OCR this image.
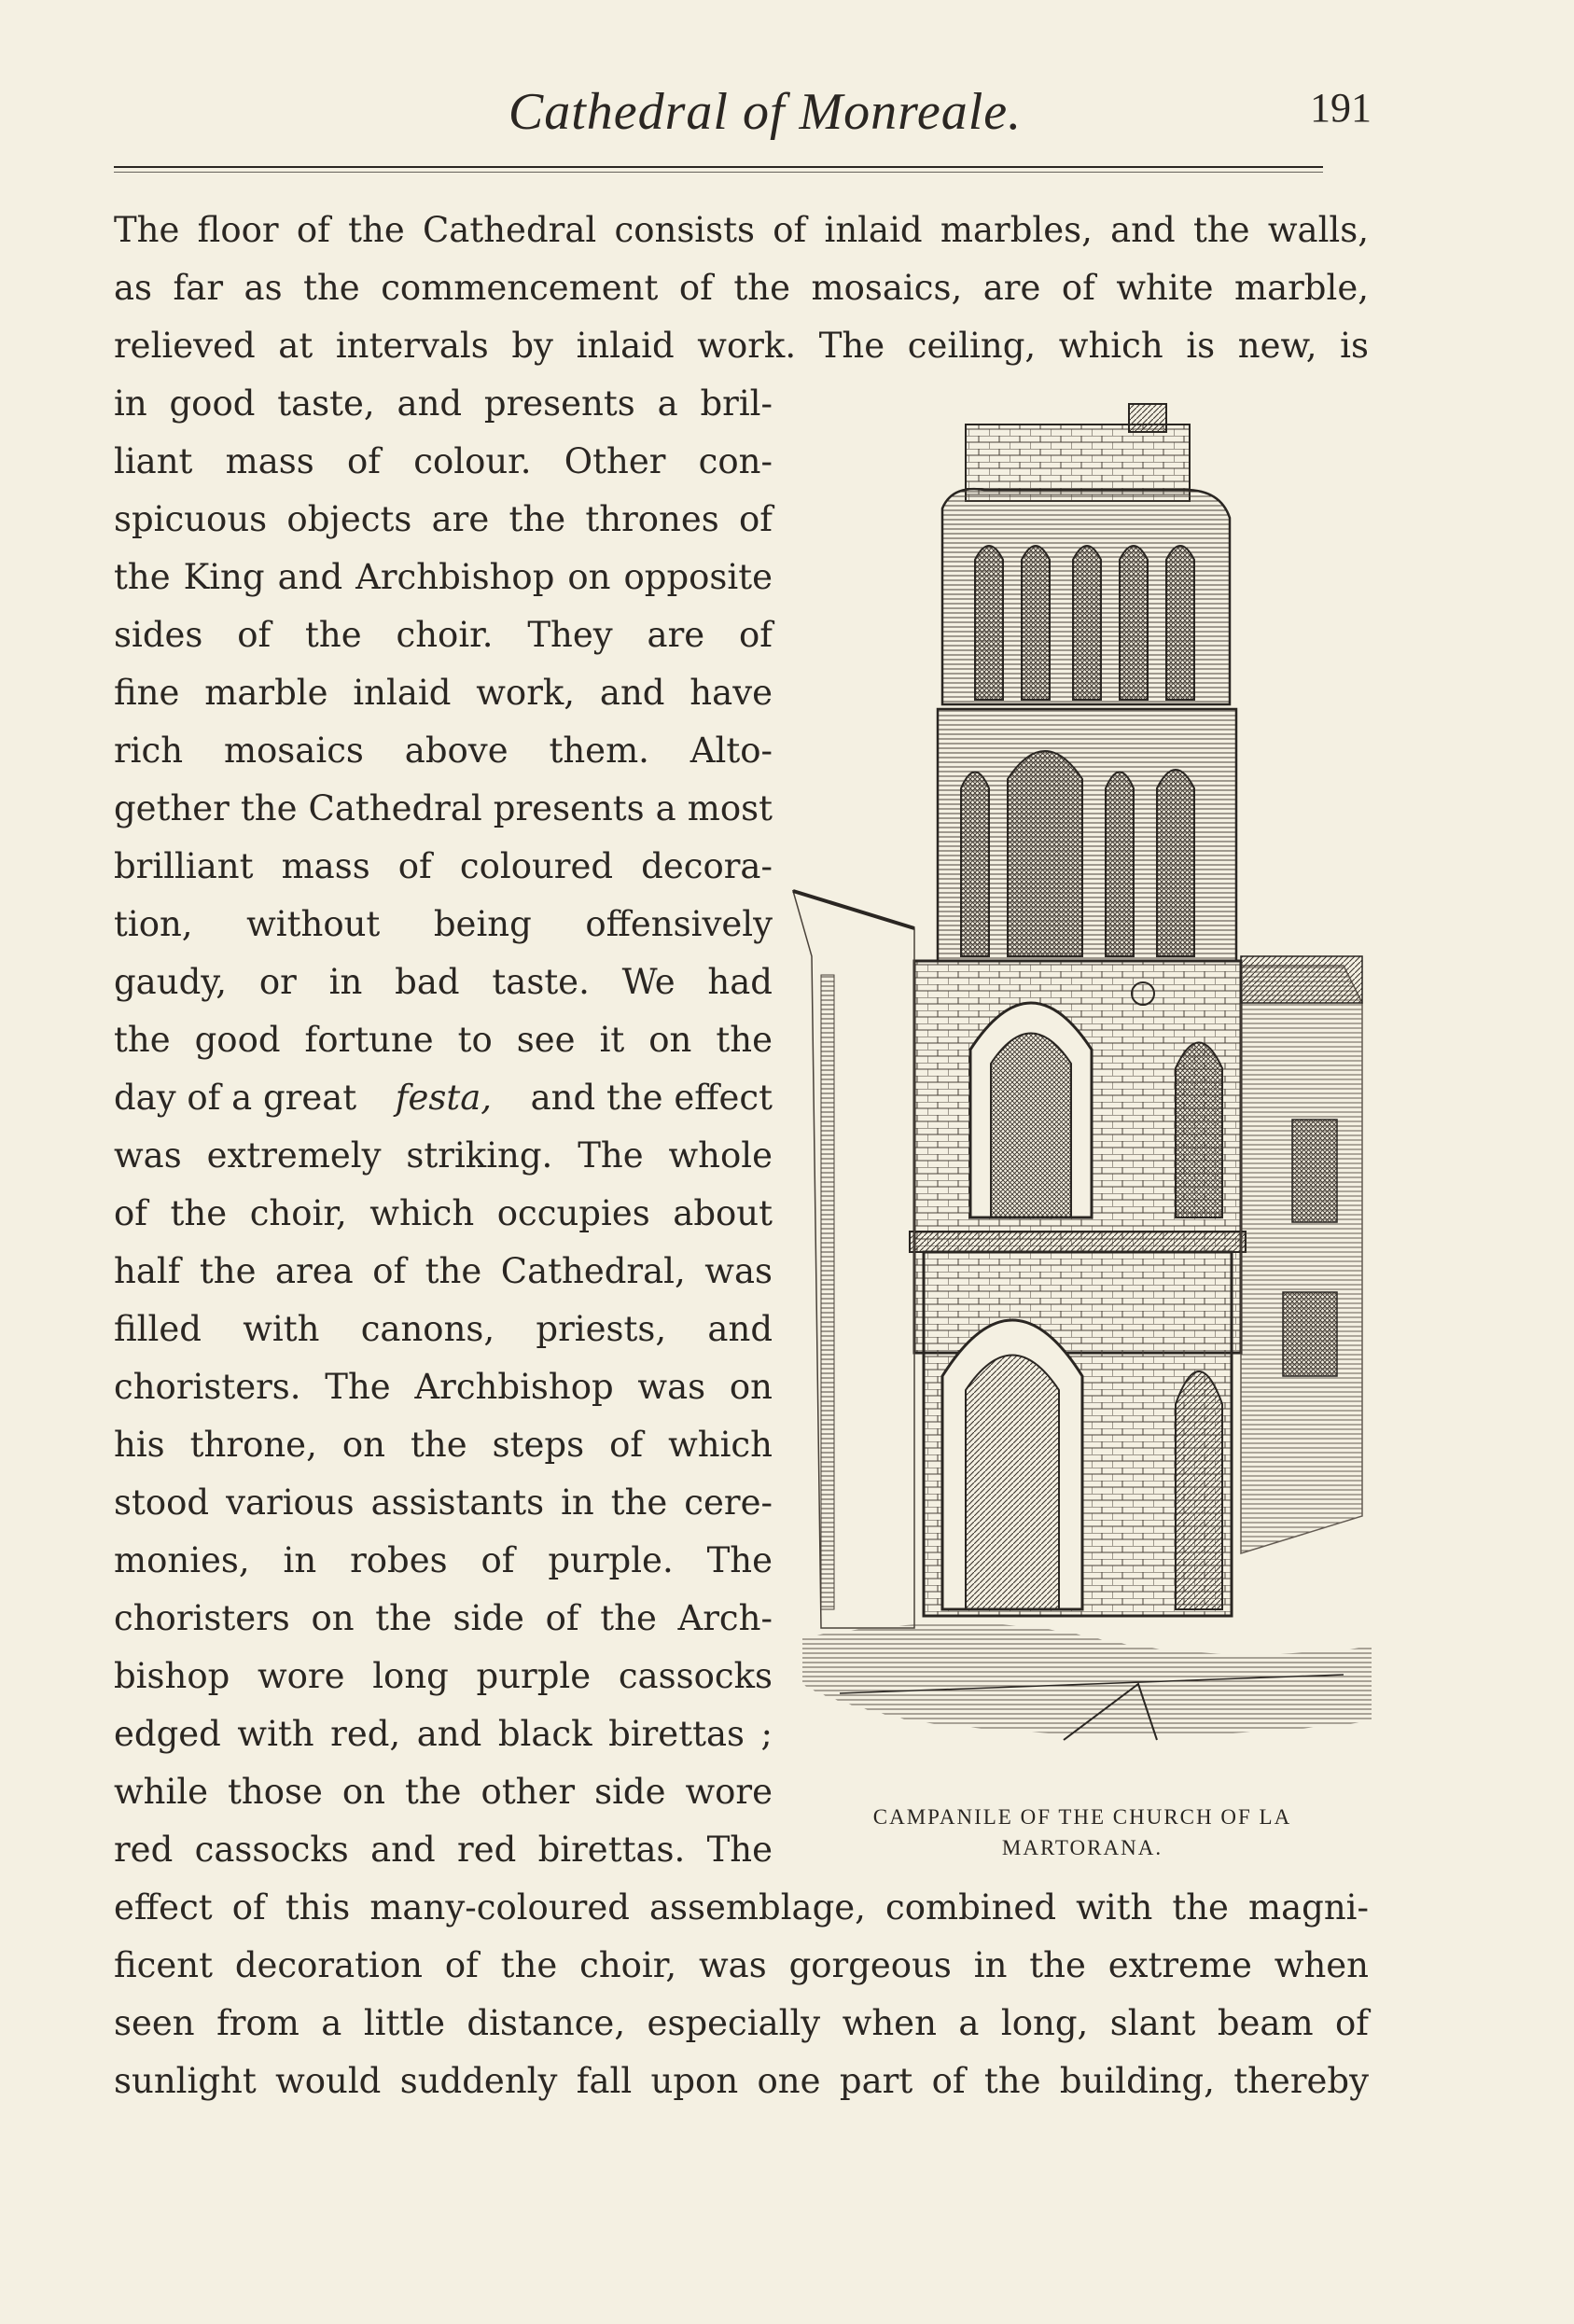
Cathedral of Monreale.	191
The floor of the Cathedral consists of inlaid marbles, and the walls,
as far as the commencement of the mosaics, are of white marble,
relieved at intervals by inlaid work. The ceiling, which is new, is
in good taste, and presents a bril-
liant mass of colour. Other con-
spicuous objects are the thrones of
the King and Archbishop on opposite
sides of the choir. They are of
fine marble inlaid work, and have
rich mosaics above them. Alto-
gether the Cathedral presents a most
brilliant mass of coloured decora-
tion, without being offensively
gaudy, or in bad taste. We had
the good fortune to see it on the
day of a great festa, and the effect
was extremely striking. The whole
of the choir, which occupies about
half the area of the Cathedral, was
filled with canons, priests, and
choristers. The Archbishop was on
his throne, on the steps of which
stood various assistants in the cere-
monies, in robes of purple. The
choristers on the side of the Arch-
bishop wore long purple cassocks
edged with red, and black birettas ;
while those on the other side wore
red cassocks and red birettas. The
effect of this many-coloured assemblage, combined with the magni-
ficent decoration of the choir, was gorgeous in the extreme when
seen from a little distance, especially when a long, slant beam of
sunlight would suddenly fall upon one part of the building, thereby
CAMPANILE OF THE CHURCH OF LA
MARTORANA.
